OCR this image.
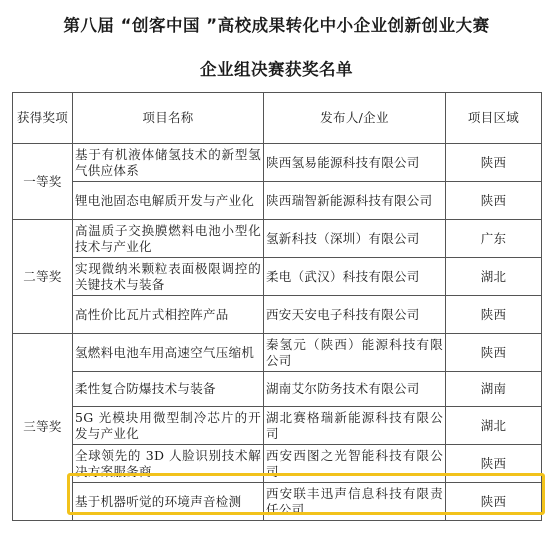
第八届 “创客中国 ”高校成果转化中小企业创新创业大赛
企业组决赛获奖名单
获得奖项	项目名称	发布人/企业	项目区域
一等奖	基于有机液体储氢技术的新型氢气供应体系	陕西氢易能源科技有限公司	陕西
	锂电池固态电解质开发与产业化	陕西瑞智新能源科技有限公司	陕西
二等奖	高温质子交换膜燃料电池小型化技术与产业化	氢新科技（深圳）有限公司	广东
	实现微纳米颗粒表面极限调控的关键技术与装备	柔电（武汉）科技有限公司	湖北
	高性价比瓦片式相控阵产品	西安天安电子科技有限公司	陕西
三等奖	氢燃料电池车用高速空气压缩机	秦氢元（陕西）能源科技有限公司	陕西
	柔性复合防爆技术与装备	湖南艾尔防务技术有限公司	湖南
	5G 光模块用微型制冷芯片的开发与产业化	湖北赛格瑞新能源科技有限公司	湖北
	全球领先的 3D 人脸识别技术解决方案服务商	西安西图之光智能科技有限公司	陕西
	基于机器听觉的环境声音检测	西安联丰迅声信息科技有限责任公司	陕西
